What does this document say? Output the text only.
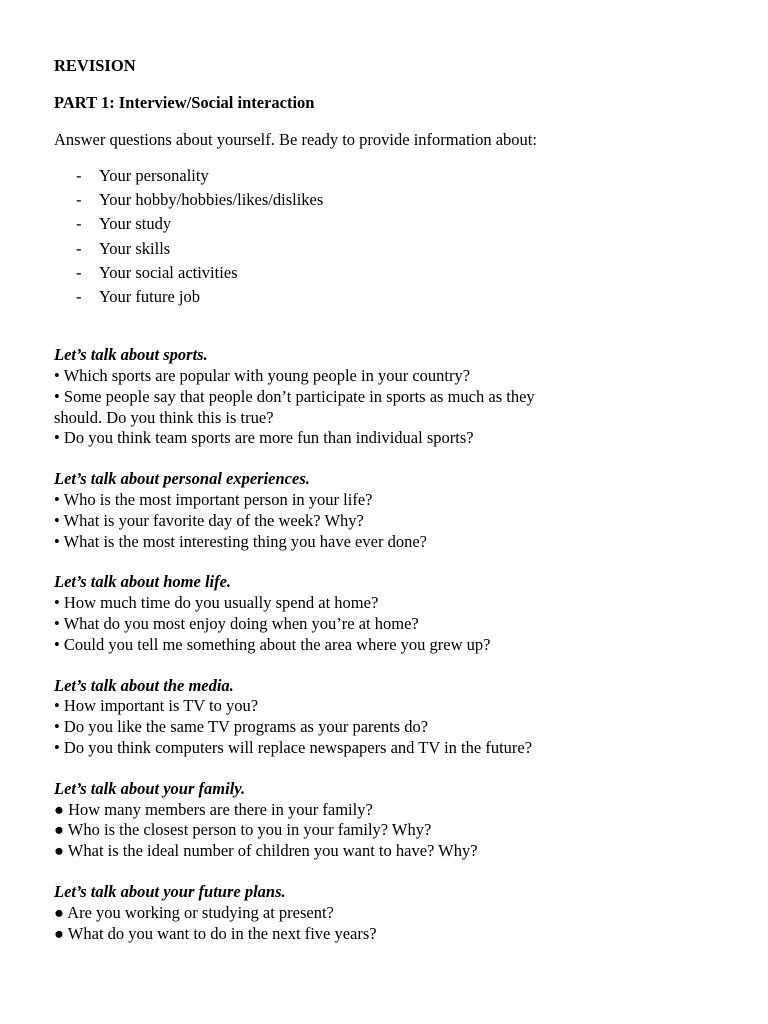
REVISION

PART 1: Interview/Social interaction

Answer questions about yourself. Be ready to provide information about:

-	Your personality
-	Your hobby/hobbies/likes/dislikes
-	Your study
-	Your skills
-	Your social activities
-	Your future job
Let’s talk about sports.
• Which sports are popular with young people in your country?
• Some people say that people don’t participate in sports as much as they should. Do you think this is true?
• Do you think team sports are more fun than individual sports?
Let’s talk about personal experiences.
• Who is the most important person in your life?
• What is your favorite day of the week? Why?
• What is the most interesting thing you have ever done?
Let’s talk about home life.
• How much time do you usually spend at home?
• What do you most enjoy doing when you’re at home?
• Could you tell me something about the area where you grew up?
Let’s talk about the media.
• How important is TV to you?
• Do you like the same TV programs as your parents do?
• Do you think computers will replace newspapers and TV in the future?
Let’s talk about your family.
● How many members are there in your family?
● Who is the closest person to you in your family? Why?
● What is the ideal number of children you want to have? Why?
Let’s talk about your future plans.
● Are you working or studying at present?
● What do you want to do in the next five years?
